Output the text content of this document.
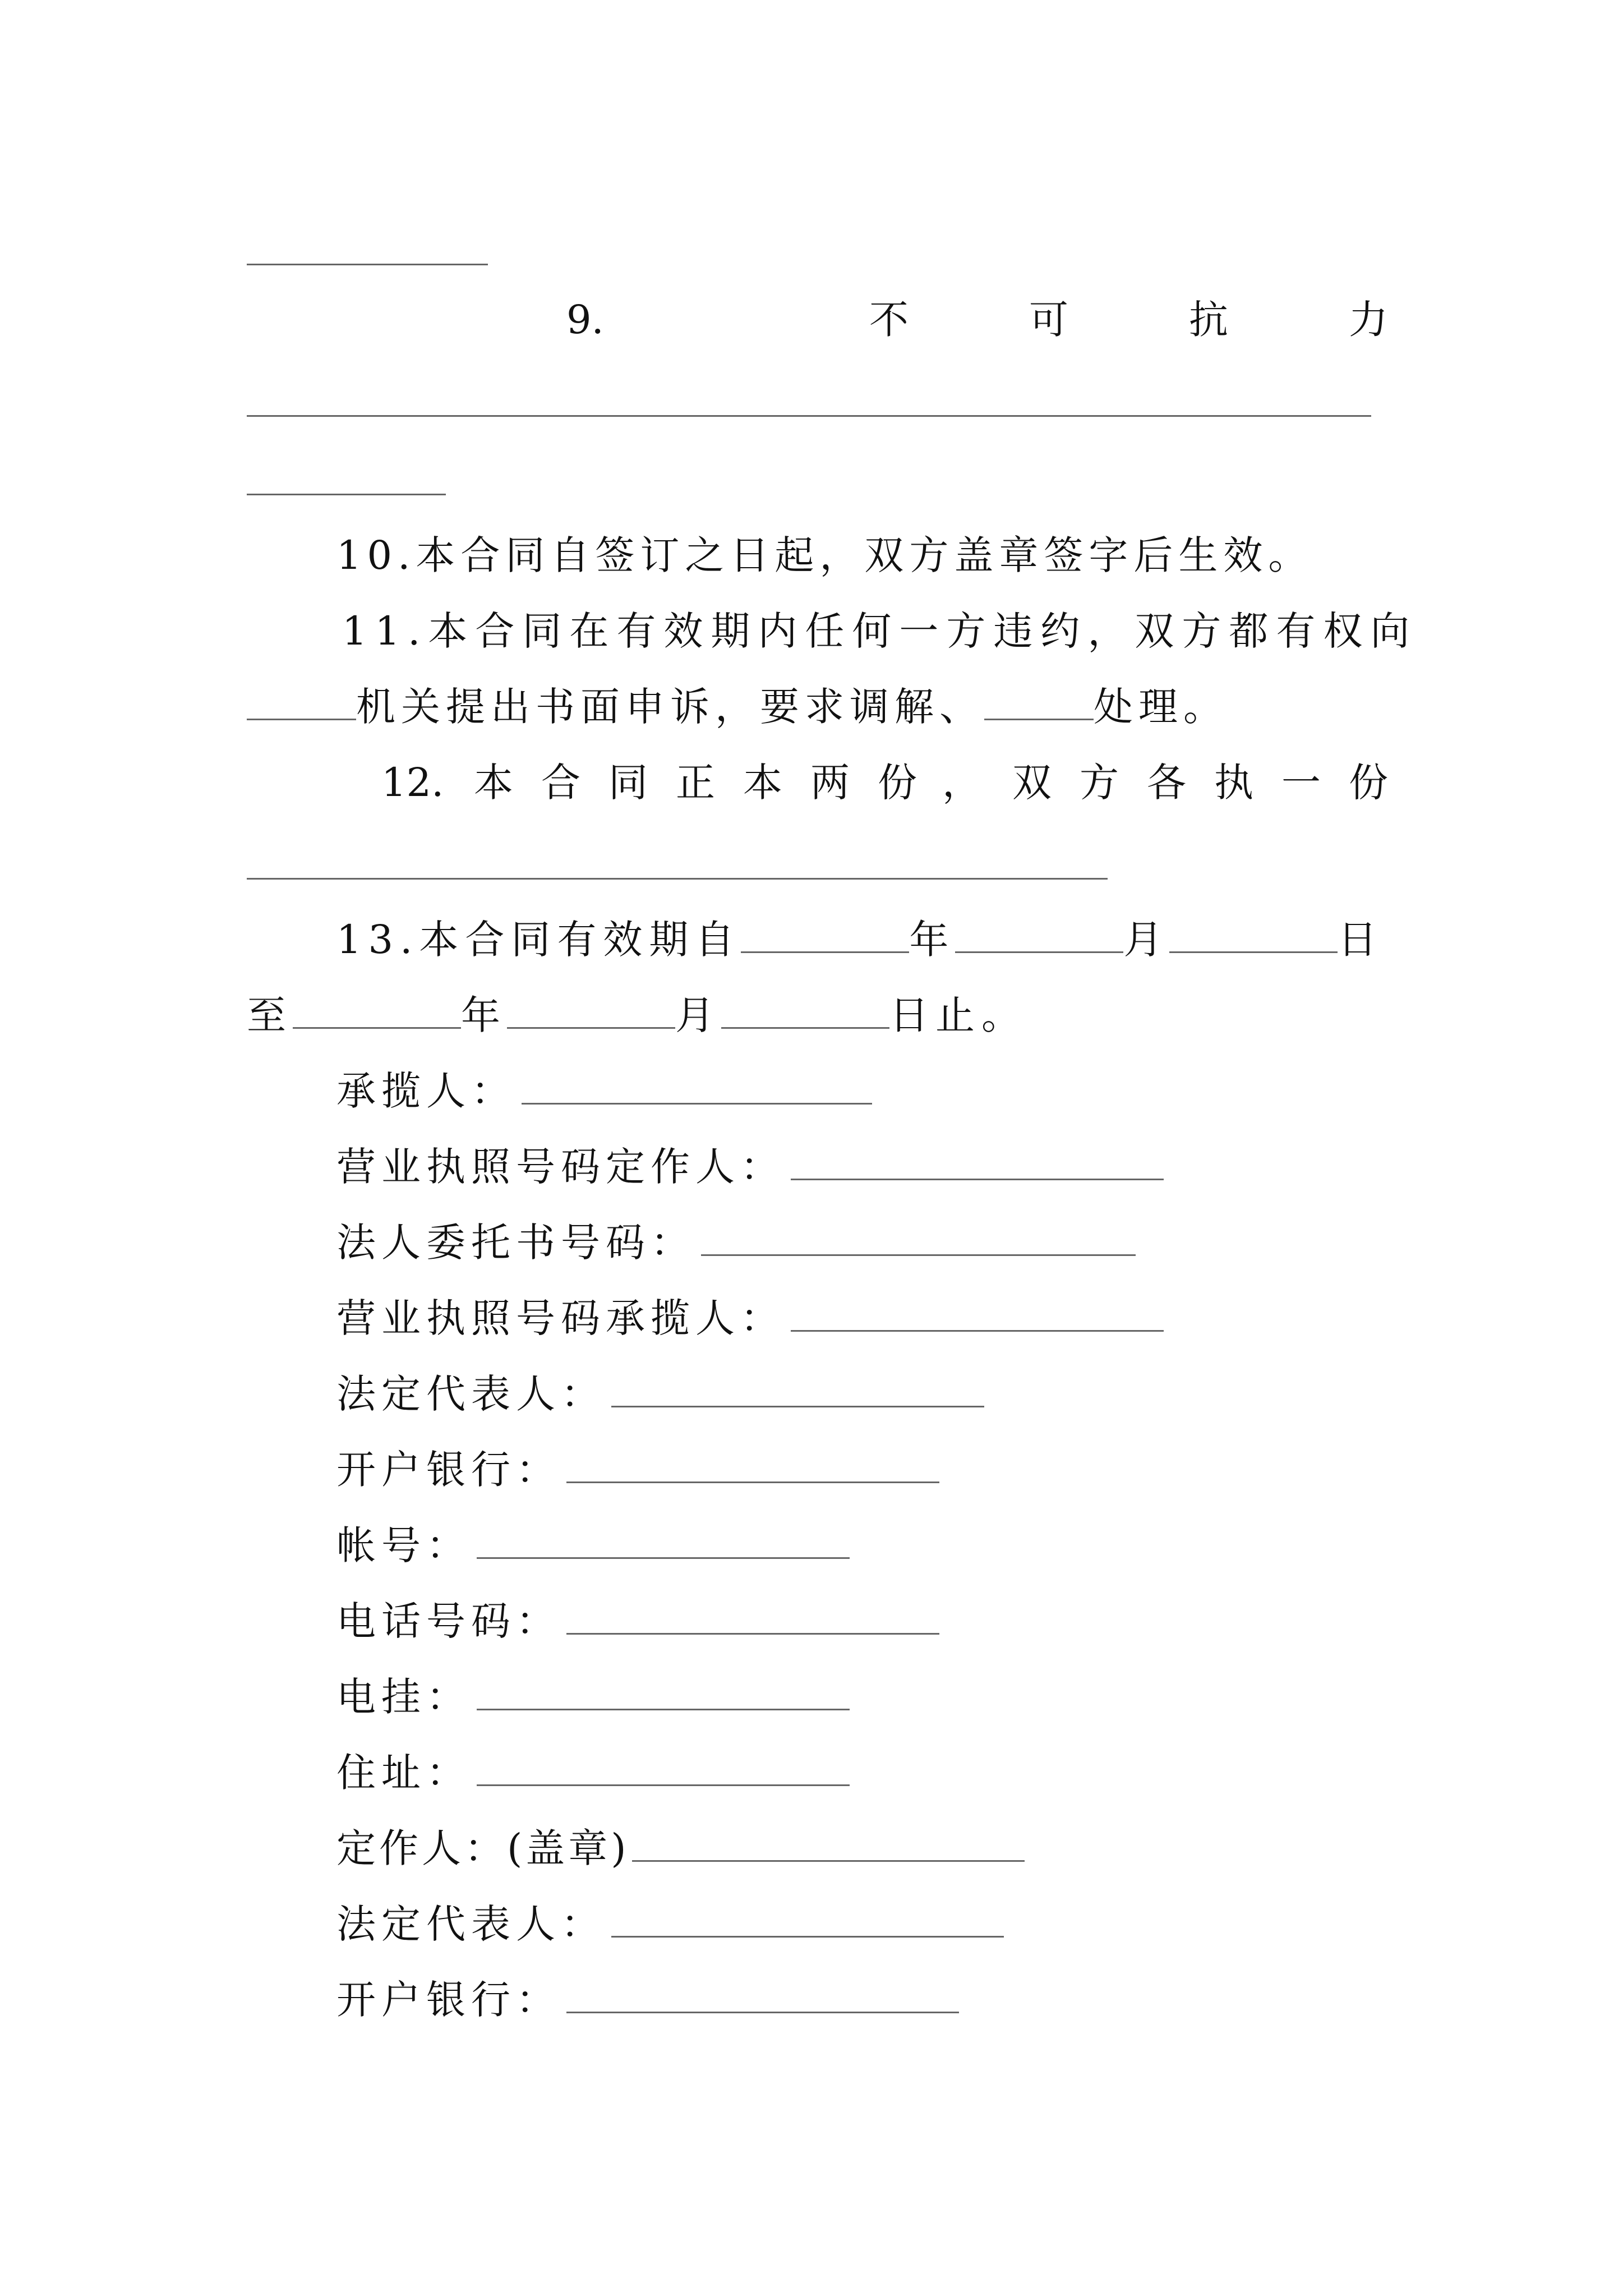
9.	不	可	抗	力
10.本合同自签订之日起，双方盖章签字后生效。
11.本合同在有效期内任何一方违约，双方都有权向
机关提出书面申诉，要求调解、	处理。
12. 本 合 同 正 本 两 份 ， 双 方 各 执 一 份
13.本合同有效期自	年	月	日
至	年	月	日止。
承揽人：
营业执照号码定作人：
法人委托书号码：
营业执照号码承揽人：
法定代表人：
开户银行：
帐号：
电话号码：
电挂：
住址：
定作人：(盖章)
法定代表人：
开户银行：
